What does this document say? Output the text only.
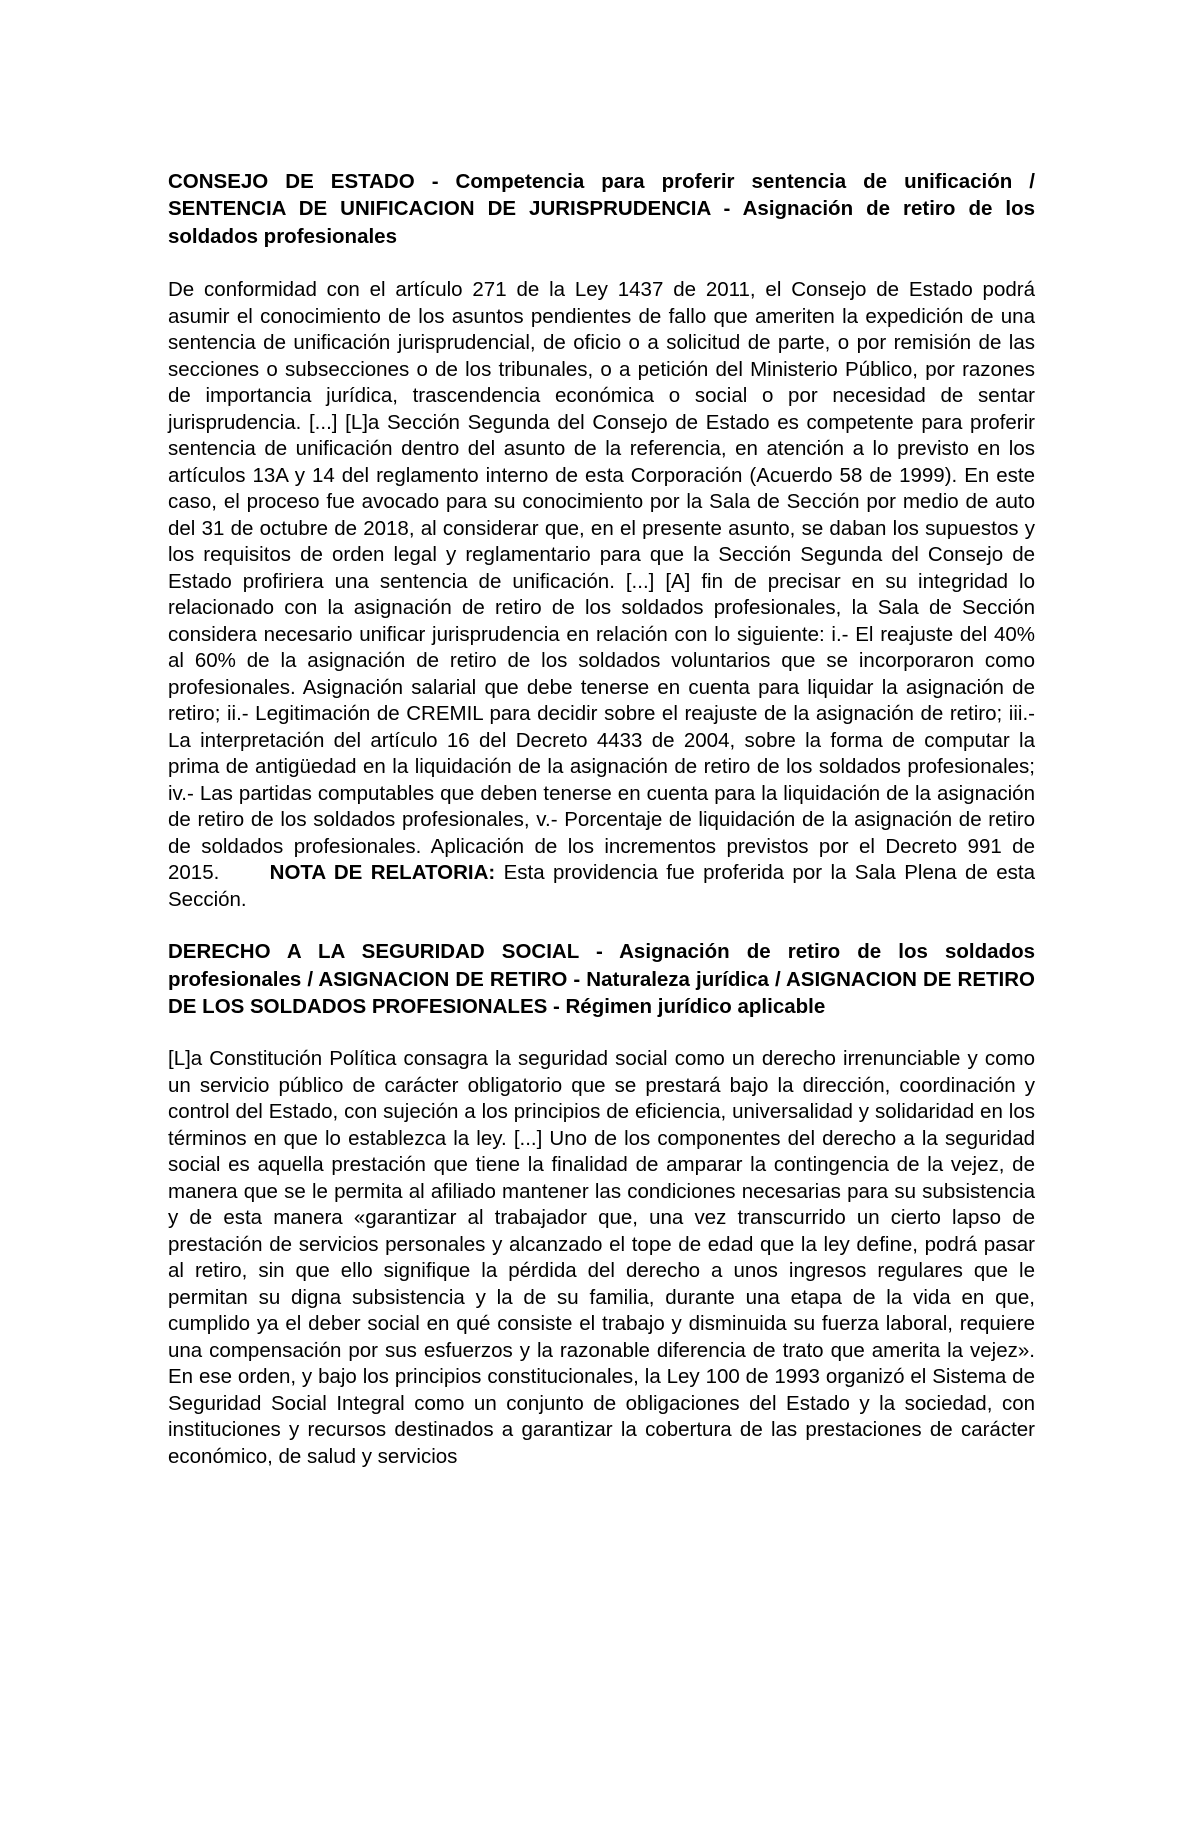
CONSEJO DE ESTADO - Competencia para proferir sentencia de unificación / SENTENCIA DE UNIFICACION DE JURISPRUDENCIA - Asignación de retiro de los soldados profesionales

De conformidad con el artículo 271 de la Ley 1437 de 2011, el Consejo de Estado podrá asumir el conocimiento de los asuntos pendientes de fallo que ameriten la expedición de una sentencia de unificación jurisprudencial, de oficio o a solicitud de parte, o por remisión de las secciones o subsecciones o de los tribunales, o a petición del Ministerio Público, por razones de importancia jurídica, trascendencia económica o social o por necesidad de sentar jurisprudencia. [...] [L]a Sección Segunda del Consejo de Estado es competente para proferir sentencia de unificación dentro del asunto de la referencia, en atención a lo previsto en los artículos 13A y 14 del reglamento interno de esta Corporación (Acuerdo 58 de 1999). En este caso, el proceso fue avocado para su conocimiento por la Sala de Sección por medio de auto del 31 de octubre de 2018, al considerar que, en el presente asunto, se daban los supuestos y los requisitos de orden legal y reglamentario para que la Sección Segunda del Consejo de Estado profiriera una sentencia de unificación. [...] [A] fin de precisar en su integridad lo relacionado con la asignación de retiro de los soldados profesionales, la Sala de Sección considera necesario unificar jurisprudencia en relación con lo siguiente: i.- El reajuste del 40% al 60% de la asignación de retiro de los soldados voluntarios que se incorporaron como profesionales. Asignación salarial que debe tenerse en cuenta para liquidar la asignación de retiro; ii.- Legitimación de CREMIL para decidir sobre el reajuste de la asignación de retiro; iii.- La interpretación del artículo 16 del Decreto 4433 de 2004, sobre la forma de computar la prima de antigüedad en la liquidación de la asignación de retiro de los soldados profesionales; iv.- Las partidas computables que deben tenerse en cuenta para la liquidación de la asignación de retiro de los soldados profesionales, v.- Porcentaje de liquidación de la asignación de retiro de soldados profesionales. Aplicación de los incrementos previstos por el Decreto 991 de 2015. NOTA DE RELATORIA: Esta providencia fue proferida por la Sala Plena de esta Sección.

DERECHO A LA SEGURIDAD SOCIAL - Asignación de retiro de los soldados profesionales / ASIGNACION DE RETIRO - Naturaleza jurídica / ASIGNACION DE RETIRO DE LOS SOLDADOS PROFESIONALES - Régimen jurídico aplicable

[L]a Constitución Política consagra la seguridad social como un derecho irrenunciable y como un servicio público de carácter obligatorio que se prestará bajo la dirección, coordinación y control del Estado, con sujeción a los principios de eficiencia, universalidad y solidaridad en los términos en que lo establezca la ley. [...] Uno de los componentes del derecho a la seguridad social es aquella prestación que tiene la finalidad de amparar la contingencia de la vejez, de manera que se le permita al afiliado mantener las condiciones necesarias para su subsistencia y de esta manera «garantizar al trabajador que, una vez transcurrido un cierto lapso de prestación de servicios personales y alcanzado el tope de edad que la ley define, podrá pasar al retiro, sin que ello signifique la pérdida del derecho a unos ingresos regulares que le permitan su digna subsistencia y la de su familia, durante una etapa de la vida en que, cumplido ya el deber social en qué consiste el trabajo y disminuida su fuerza laboral, requiere una compensación por sus esfuerzos y la razonable diferencia de trato que amerita la vejez». En ese orden, y bajo los principios constitucionales, la Ley 100 de 1993 organizó el Sistema de Seguridad Social Integral como un conjunto de obligaciones del Estado y la sociedad, con instituciones y recursos destinados a garantizar la cobertura de las prestaciones de carácter económico, de salud y servicios
